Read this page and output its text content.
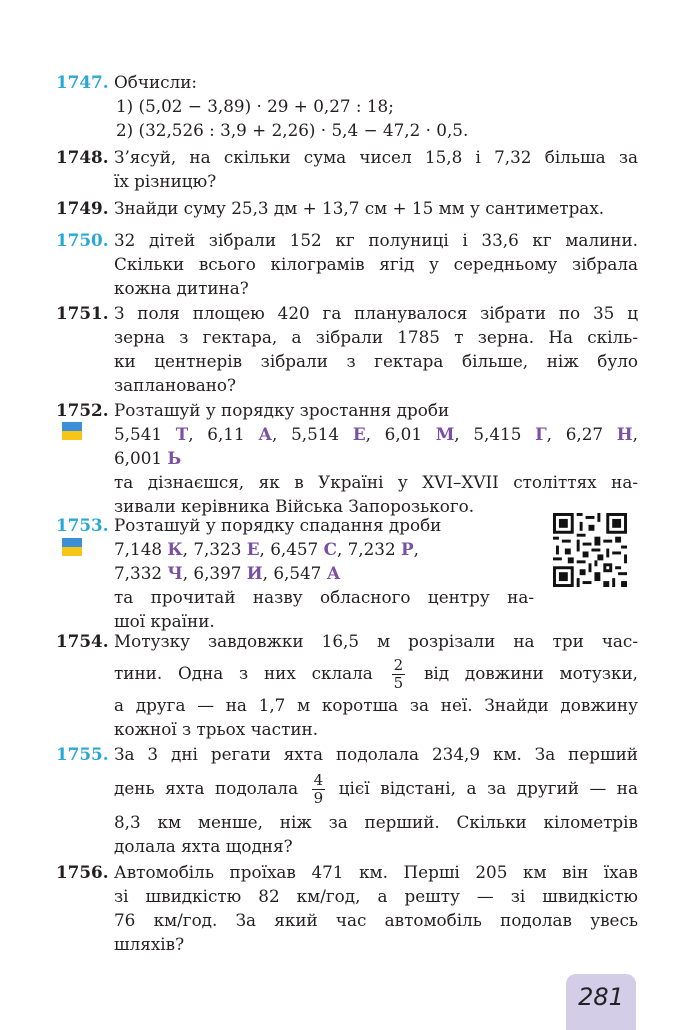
1747. Обчисли:
1) (5,02 − 3,89) · 29 + 0,27 : 18;
2) (32,526 : 3,9 + 2,26) · 5,4 − 47,2 · 0,5.
1748. З’ясуй, на скільки сума чисел 15,8 і 7,32 більша за
їх різницю?
1749. Знайди суму 25,3 дм + 13,7 см + 15 мм у сантиметрах.
1750. 32 дітей зібрали 152 кг полуниці і 33,6 кг малини.
Скільки всього кілограмів ягід у середньому зібрала
кожна дитина?
1751. З поля площею 420 га планувалося зібрати по 35 ц
зерна з гектара, а зібрали 1785 т зерна. На скіль-
ки центнерів зібрали з гектара більше, ніж було
заплановано?
1752. Розташуй у порядку зростання дроби
5,541 Т, 6,11 А, 5,514 Е, 6,01 М, 5,415 Г, 6,27 Н,
6,001 Ь
та дізнаєшся, як в Україні у XVI–XVII століттях на-
зивали керівника Війська Запорозького.
1753. Розташуй у порядку спадання дроби
7,148 К, 7,323 Е, 6,457 С, 7,232 Р,
7,332 Ч, 6,397 И, 6,547 А
та прочитай назву обласного центру на-
шої країни.
1754. Мотузку завдовжки 16,5 м розрізали на три час-
тини. Одна з них склала $\frac{2}{5}$ від довжини мотузки,
а друга — на 1,7 м коротша за неї. Знайди довжину
кожної з трьох частин.
1755. За 3 дні регати яхта подолала 234,9 км. За перший
день яхта подолала $\frac{4}{9}$ цієї відстані, а за другий — на
8,3 км менше, ніж за перший. Скільки кілометрів
долала яхта щодня?
1756. Автомобіль проїхав 471 км. Перші 205 км він їхав
зі швидкістю 82 км/год, а решту — зі швидкістю
76 км/год. За який час автомобіль подолав увесь
шляхів?
281
